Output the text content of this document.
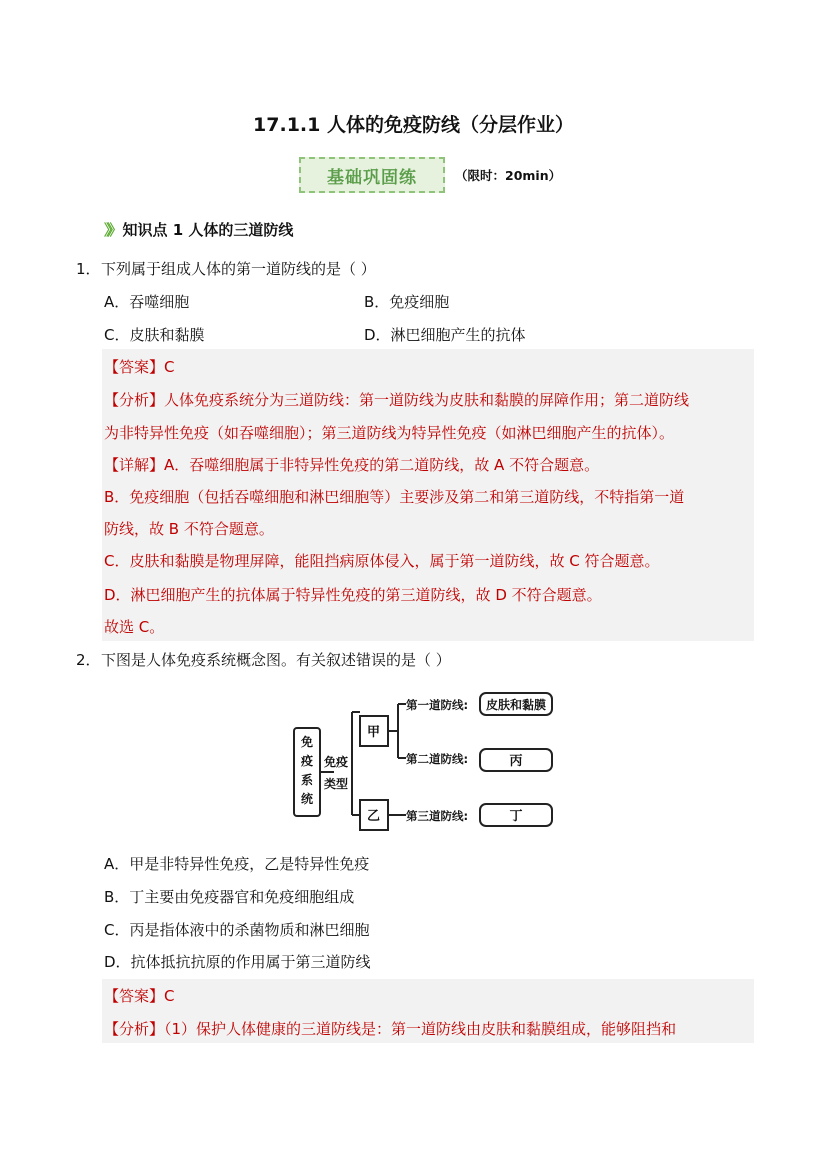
17.1.1 人体的免疫防线（分层作业）
基础巩固练	（限时：20min）
》》 知识点 1 人体的三道防线
1． 下列属于组成人体的第一道防线的是（ ）
A．吞噬细胞	B．免疫细胞
C．皮肤和黏膜	D．淋巴细胞产生的抗体
【答案】C
【分析】人体免疫系统分为三道防线：第一道防线为皮肤和黏膜的屏障作用；第二道防线
为非特异性免疫（如吞噬细胞）；第三道防线为特异性免疫（如淋巴细胞产生的抗体）。
【详解】A．吞噬细胞属于非特异性免疫的第二道防线，故 A 不符合题意。
B．免疫细胞（包括吞噬细胞和淋巴细胞等）主要涉及第二和第三道防线，不特指第一道
防线，故 B 不符合题意。
C．皮肤和黏膜是物理屏障，能阻挡病原体侵入，属于第一道防线，故 C 符合题意。
D．淋巴细胞产生的抗体属于特异性免疫的第三道防线，故 D 不符合题意。
故选 C。
2． 下图是人体免疫系统概念图。有关叙述错误的是（ ）
免
疫
系
统
免疫
类型
甲
乙
第一道防线:
第二道防线:
第三道防线:
皮肤和黏膜
丙
丁
A．甲是非特异性免疫，乙是特异性免疫
B．丁主要由免疫器官和免疫细胞组成
C．丙是指体液中的杀菌物质和淋巴细胞
D．抗体抵抗抗原的作用属于第三道防线
【答案】C
【分析】（1）保护人体健康的三道防线是：第一道防线由皮肤和黏膜组成，能够阻挡和
